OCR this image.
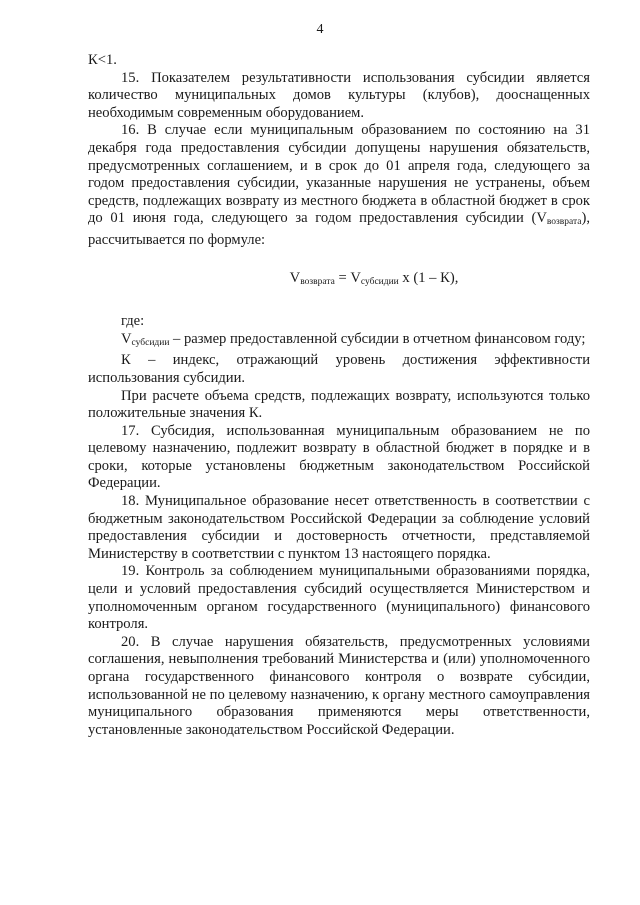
4

К<1.

15. Показателем результативности использования субсидии является количество муниципальных домов культуры (клубов), дооснащенных необходимым современным оборудованием.

16. В случае если муниципальным образованием по состоянию на 31 декабря года предоставления субсидии допущены нарушения обязательств, предусмотренных соглашением, и в срок до 01 апреля года, следующего за годом предоставления субсидии, указанные нарушения не устранены, объем средств, подлежащих возврату из местного бюджета в областной бюджет в срок до 01 июня года, следующего за годом предоставления субсидии $(V_{возврата})$, рассчитывается по формуле:

$V_{возврата} = V_{субсидии}$ х (1 – К),

где:

$V_{субсидии}$ – размер предоставленной субсидии в отчетном финансовом году;

К – индекс, отражающий уровень достижения эффективности использования субсидии.

При расчете объема средств, подлежащих возврату, используются только положительные значения К.

17. Субсидия, использованная муниципальным образованием не по целевому назначению, подлежит возврату в областной бюджет в порядке и в сроки, которые установлены бюджетным законодательством Российской Федерации.

18. Муниципальное образование несет ответственность в соответствии с бюджетным законодательством Российской Федерации за соблюдение условий предоставления субсидии и достоверность отчетности, представляемой Министерству в соответствии с пунктом 13 настоящего порядка.

19. Контроль за соблюдением муниципальными образованиями порядка, цели и условий предоставления субсидий осуществляется Министерством и уполномоченным органом государственного (муниципального) финансового контроля.

20. В случае нарушения обязательств, предусмотренных условиями соглашения, невыполнения требований Министерства и (или) уполномоченного органа государственного финансового контроля о возврате субсидии, использованной не по целевому назначению, к органу местного самоуправления муниципального образования применяются меры ответственности, установленные законодательством Российской Федерации.
